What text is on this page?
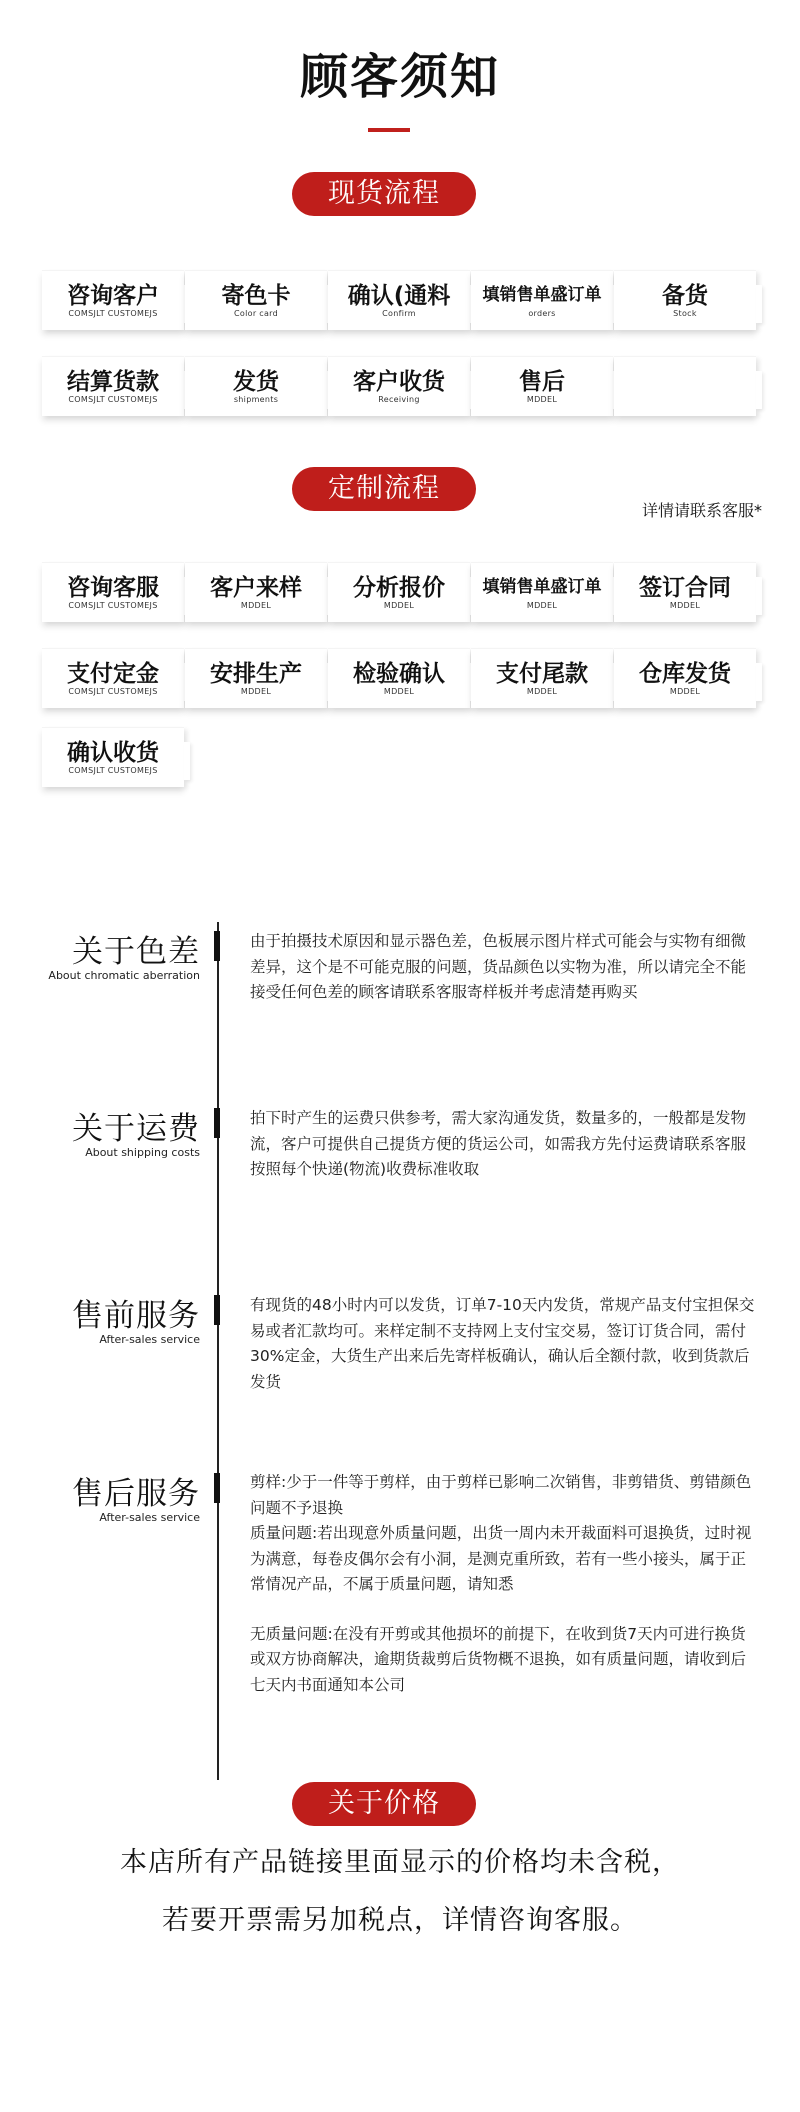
顾客须知
现货流程
咨询客户
COMSJLT CUSTOMEJS
寄色卡
Color card
确认(通料
Confirm
填销售单盛订单
orders
备货
Stock
结算货款
COMSJLT CUSTOMEJS
发货
shipments
客户收货
Receiving
售后
MDDEL
定制流程
详情请联系客服*
咨询客服
COMSJLT CUSTOMEJS
客户来样
MDDEL
分析报价
MDDEL
填销售单盛订单
MDDEL
签订合同
MDDEL
支付定金
COMSJLT CUSTOMEJS
安排生产
MDDEL
检验确认
MDDEL
支付尾款
MDDEL
仓库发货
MDDEL
确认收货
COMSJLT CUSTOMEJS
关于色差
About chromatic aberration

由于拍摄技术原因和显示器色差，色板展示图片样式可能会与实物有细微差异，这个是不可能克服的问题，货品颜色以实物为准，所以请完全不能接受任何色差的顾客请联系客服寄样板并考虑清楚再购买

关于运费
About shipping costs

拍下时产生的运费只供参考，需大家沟通发货，数量多的，一般都是发物流，客户可提供自己提货方便的货运公司，如需我方先付运费请联系客服按照每个快递(物流)收费标准收取

售前服务
After-sales service

有现货的48小时内可以发货，订单7-10天内发货，常规产品支付宝担保交易或者汇款均可。来样定制不支持网上支付宝交易，签订订货合同，需付30%定金，大货生产出来后先寄样板确认，确认后全额付款，收到货款后发货

售后服务
After-sales service

剪样:少于一件等于剪样，由于剪样已影响二次销售，非剪错货、剪错颜色问题不予退换

质量问题:若出现意外质量问题，出货一周内未开裁面料可退换货，过时视为满意，每卷皮偶尔会有小洞，是测克重所致，若有一些小接头，属于正常情况产品，不属于质量问题，请知悉

无质量问题:在没有开剪或其他损坏的前提下，在收到货7天内可进行换货或双方协商解决，逾期货裁剪后货物概不退换，如有质量问题，请收到后七天内书面通知本公司

关于价格
本店所有产品链接里面显示的价格均未含税，
若要开票需另加税点，详情咨询客服。
